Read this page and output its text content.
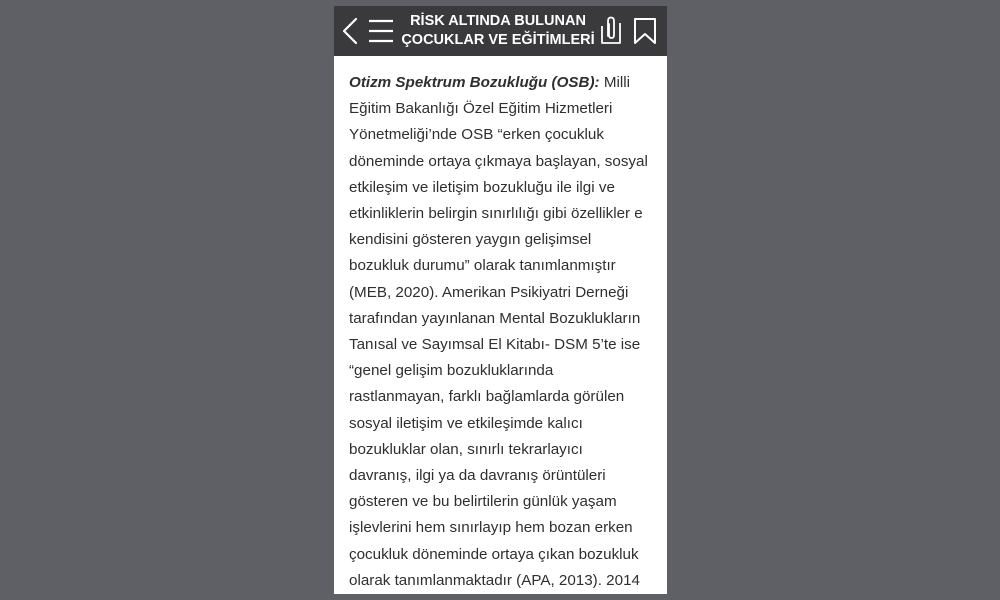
RİSK ALTINDA BULUNAN
ÇOCUKLAR VE EĞİTİMLERİ
Otizm Spektrum Bozukluğu (OSB): Milli
Eğitim Bakanlığı Özel Eğitim Hizmetleri
Yönetmeliği’nde OSB “erken çocukluk
döneminde ortaya çıkmaya başlayan, sosyal
etkileşim ve iletişim bozukluğu ile ilgi ve
etkinliklerin belirgin sınırlılığı gibi özellikler e
kendisini gösteren yaygın gelişimsel
bozukluk durumu” olarak tanımlanmıştır
(MEB, 2020). Amerikan Psikiyatri Derneği
tarafından yayınlanan Mental Bozuklukların
Tanısal ve Sayımsal El Kitabı- DSM 5’te ise
“genel gelişim bozukluklarında
rastlanmayan, farklı bağlamlarda görülen
sosyal iletişim ve etkileşimde kalıcı
bozukluklar olan, sınırlı tekrarlayıcı
davranış, ilgi ya da davranış örüntüleri
gösteren ve bu belirtilerin günlük yaşam
işlevlerini hem sınırlayıp hem bozan erken
çocukluk döneminde ortaya çıkan bozukluk
olarak tanımlanmaktadır (APA, 2013). 2014
